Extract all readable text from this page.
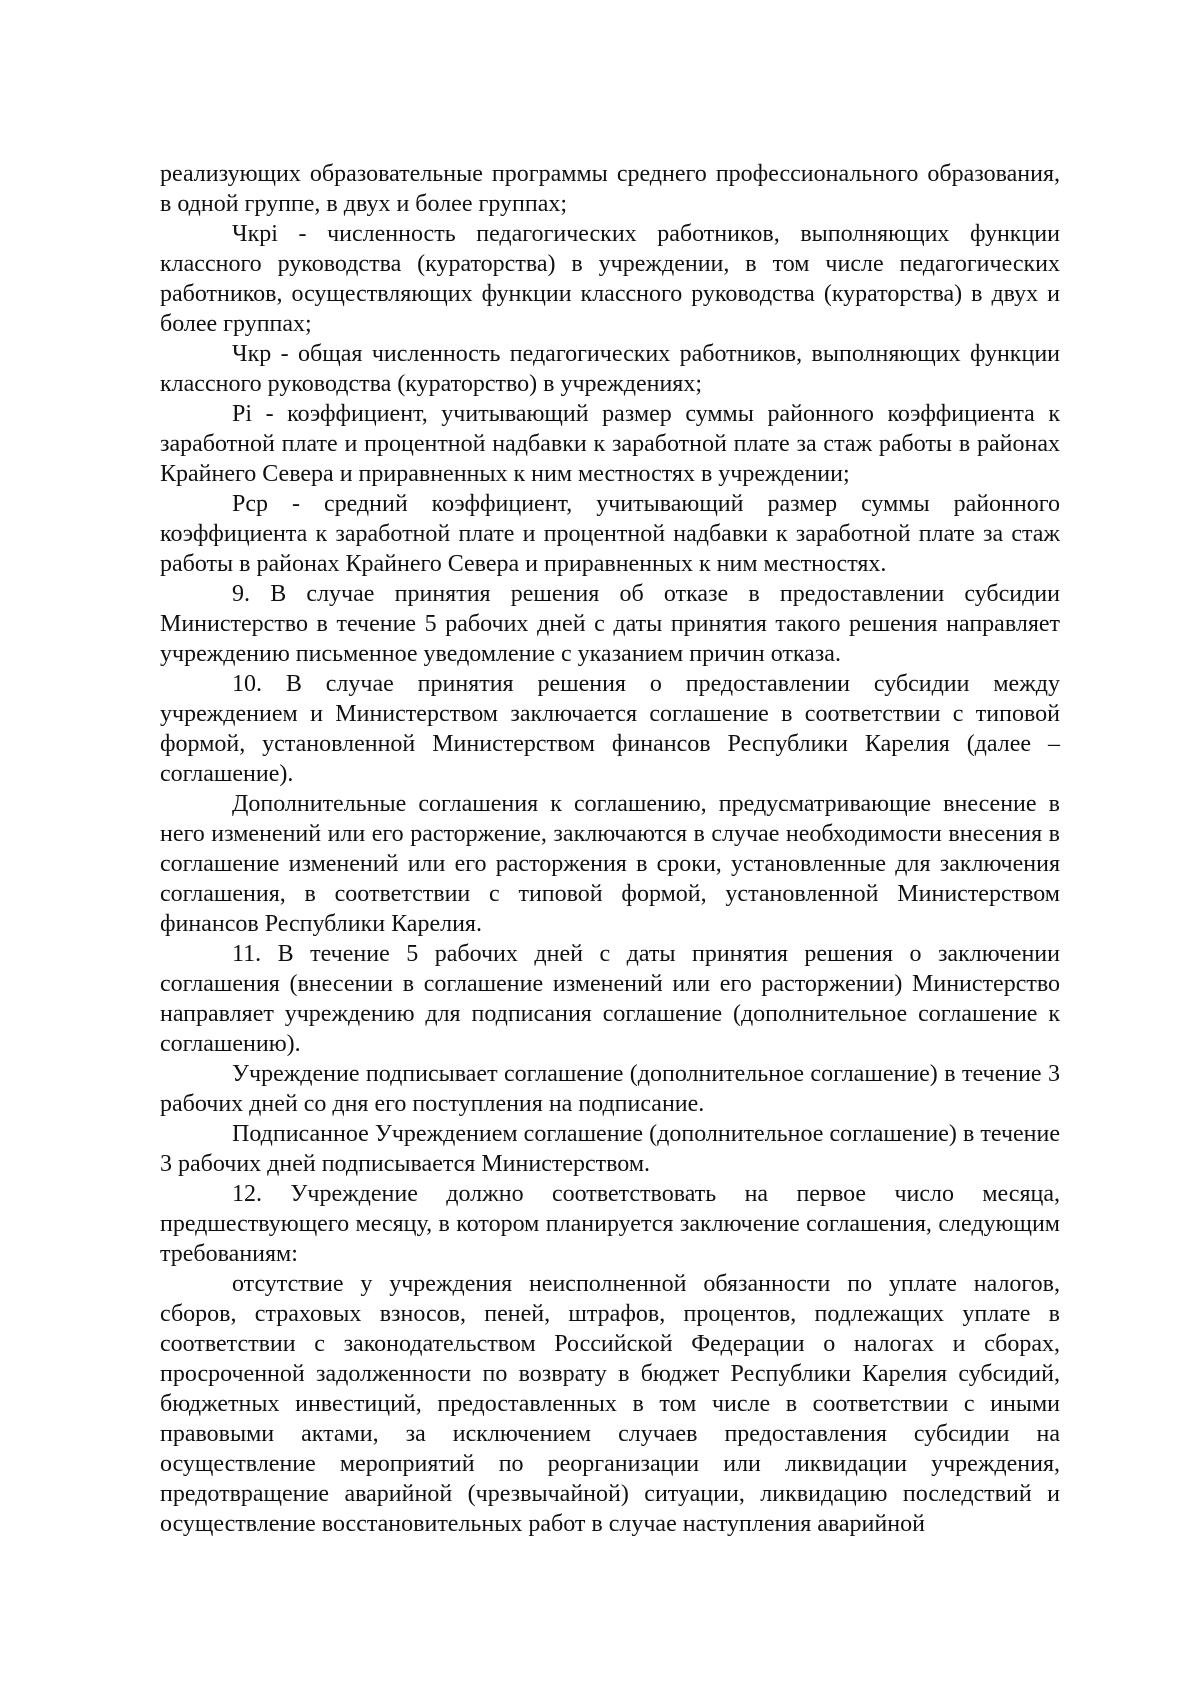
реализующих образовательные программы среднего профессионального образования, в одной группе, в двух и более группах;

Чкрi - численность педагогических работников, выполняющих функции классного руководства (кураторства) в учреждении, в том числе педагогических работников, осуществляющих функции классного руководства (кураторства) в двух и более группах;

Чкр - общая численность педагогических работников, выполняющих функции классного руководства (кураторство) в учреждениях;

Рi - коэффициент, учитывающий размер суммы районного коэффициента к заработной плате и процентной надбавки к заработной плате за стаж работы в районах Крайнего Севера и приравненных к ним местностях в учреждении;

Рср - средний коэффициент, учитывающий размер суммы районного коэффициента к заработной плате и процентной надбавки к заработной плате за стаж работы в районах Крайнего Севера и приравненных к ним местностях.

9. В случае принятия решения об отказе в предоставлении субсидии Министерство в течение 5 рабочих дней с даты принятия такого решения направляет учреждению письменное уведомление с указанием причин отказа.

10. В случае принятия решения о предоставлении субсидии между учреждением и Министерством заключается соглашение в соответствии с типовой формой, установленной Министерством финансов Республики Карелия (далее – соглашение).

Дополнительные соглашения к соглашению, предусматривающие внесение в него изменений или его расторжение, заключаются в случае необходимости внесения в соглашение изменений или его расторжения в сроки, установленные для заключения соглашения, в соответствии с типовой формой, установленной Министерством финансов Республики Карелия.

11. В течение 5 рабочих дней с даты принятия решения о заключении соглашения (внесении в соглашение изменений или его расторжении) Министерство направляет учреждению для подписания соглашение (дополнительное соглашение к соглашению).

Учреждение подписывает соглашение (дополнительное соглашение) в течение 3 рабочих дней со дня его поступления на подписание.

Подписанное Учреждением соглашение (дополнительное соглашение) в течение 3 рабочих дней подписывается Министерством.

12. Учреждение должно соответствовать на первое число месяца, предшествующего месяцу, в котором планируется заключение соглашения, следующим требованиям:

отсутствие у учреждения неисполненной обязанности по уплате налогов, сборов, страховых взносов, пеней, штрафов, процентов, подлежащих уплате в соответствии с законодательством Российской Федерации о налогах и сборах, просроченной задолженности по возврату в бюджет Республики Карелия субсидий, бюджетных инвестиций, предоставленных в том числе в соответствии с иными правовыми актами, за исключением случаев предоставления субсидии на осуществление мероприятий по реорганизации или ликвидации учреждения, предотвращение аварийной (чрезвычайной) ситуации, ликвидацию последствий и осуществление восстановительных работ в случае наступления аварийной
